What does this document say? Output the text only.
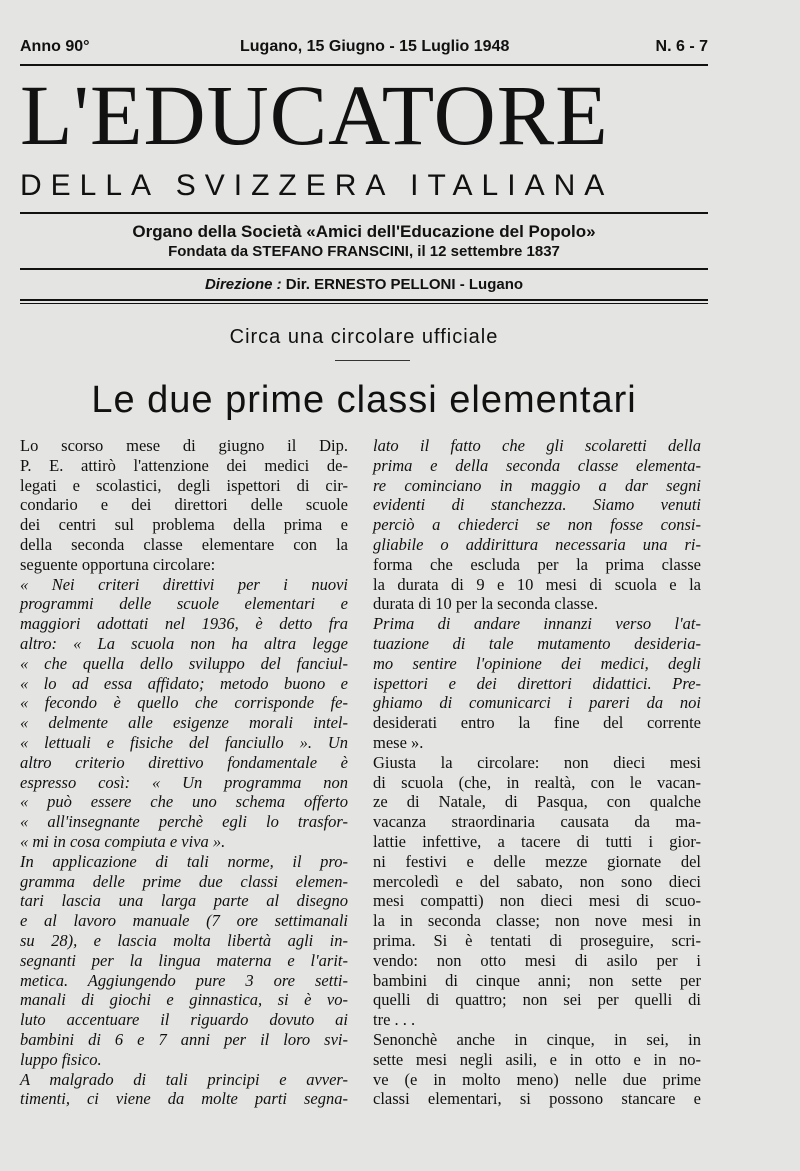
Anno 90°	Lugano, 15 Giugno - 15 Luglio 1948	N. 6 - 7
L'EDUCATORE
DELLA SVIZZERA ITALIANA
Organo della Società «Amici dell'Educazione del Popolo»
Fondata da STEFANO FRANSCINI, il 12 settembre 1837
Direzione : Dir. ERNESTO PELLONI - Lugano
Circa una circolare ufficiale
Le due prime classi elementari
Lo scorso mese di giugno il Dip.
P. E. attirò l'attenzione dei medici de-
legati e scolastici, degli ispettori di cir-
condario e dei direttori delle scuole
dei centri sul problema della prima e
della seconda classe elementare con la
seguente opportuna circolare:
« Nei criteri direttivi per i nuovi
programmi delle scuole elementari e
maggiori adottati nel 1936, è detto fra
altro: « La scuola non ha altra legge
« che quella dello sviluppo del fanciul-
« lo ad essa affidato; metodo buono e
« fecondo è quello che corrisponde fe-
« delmente alle esigenze morali intel-
« lettuali e fisiche del fanciullo ». Un
altro criterio direttivo fondamentale è
espresso così: « Un programma non
« può essere che uno schema offerto
« all'insegnante perchè egli lo trasfor-
« mi in cosa compiuta e viva ».
In applicazione di tali norme, il pro-
gramma delle prime due classi elemen-
tari lascia una larga parte al disegno
e al lavoro manuale (7 ore settimanali
su 28), e lascia molta libertà agli in-
segnanti per la lingua materna e l'arit-
metica. Aggiungendo pure 3 ore setti-
manali di giochi e ginnastica, si è vo-
luto accentuare il riguardo dovuto ai
bambini di 6 e 7 anni per il loro svi-
luppo fisico.
A malgrado di tali principi e avver-
timenti, ci viene da molte parti segna-
lato il fatto che gli scolaretti della
prima e della seconda classe elementa-
re cominciano in maggio a dar segni
evidenti di stanchezza. Siamo venuti
perciò a chiederci se non fosse consi-
gliabile o addirittura necessaria una ri-
forma che escluda per la prima classe
la durata di 9 e 10 mesi di scuola e la
durata di 10 per la seconda classe.
Prima di andare innanzi verso l'at-
tuazione di tale mutamento desideria-
mo sentire l'opinione dei medici, degli
ispettori e dei direttori didattici. Pre-
ghiamo di comunicarci i pareri da noi
desiderati entro la fine del corrente
mese ».
Giusta la circolare: non dieci mesi
di scuola (che, in realtà, con le vacan-
ze di Natale, di Pasqua, con qualche
vacanza straordinaria causata da ma-
lattie infettive, a tacere di tutti i gior-
ni festivi e delle mezze giornate del
mercoledì e del sabato, non sono dieci
mesi compatti) non dieci mesi di scuo-
la in seconda classe; non nove mesi in
prima. Si è tentati di proseguire, scri-
vendo: non otto mesi di asilo per i
bambini di cinque anni; non sette per
quelli di quattro; non sei per quelli di
tre . . .
Senonchè anche in cinque, in sei, in
sette mesi negli asili, e in otto e in no-
ve (e in molto meno) nelle due prime
classi elementari, si possono stancare e
